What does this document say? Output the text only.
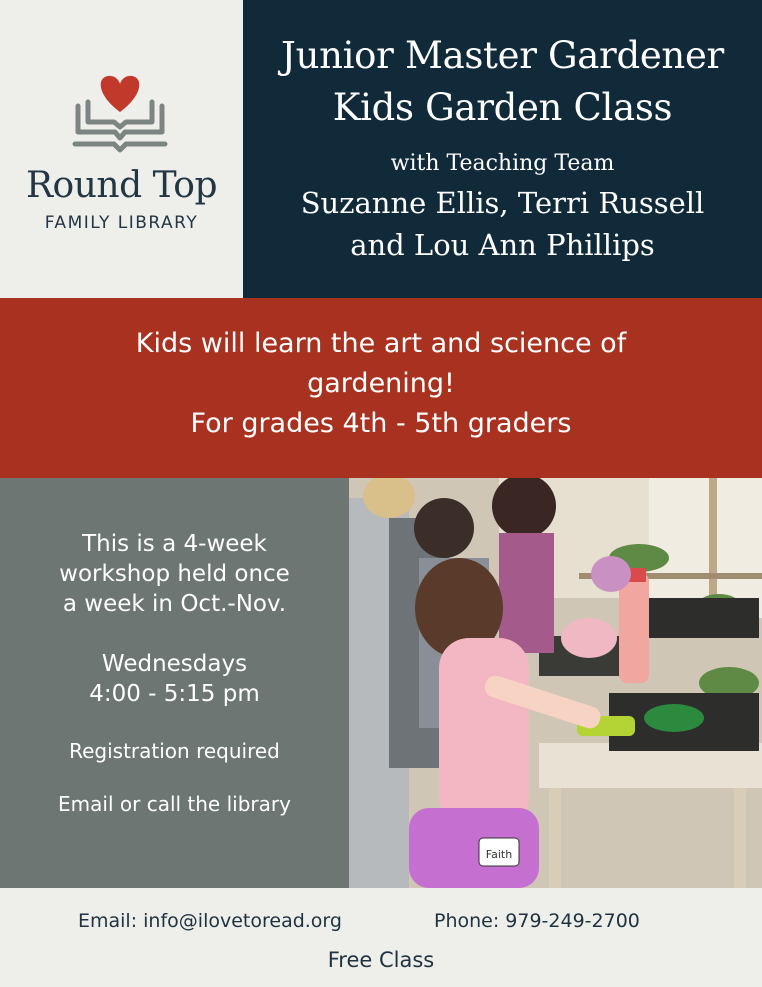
Round Top
FAMILY LIBRARY
Junior Master Gardener
Kids Garden Class
with Teaching Team
Suzanne Ellis, Terri Russell
and Lou Ann Phillips
Kids will learn the art and science of
gardening!
For grades 4th - 5th graders
This is a 4-week
workshop held once
a week in Oct.-Nov.
Wednesdays
4:00 - 5:15 pm
Registration required
Email or call the library
Faith
Email: info@ilovetoread.org	Phone: 979-249-2700
Free Class
